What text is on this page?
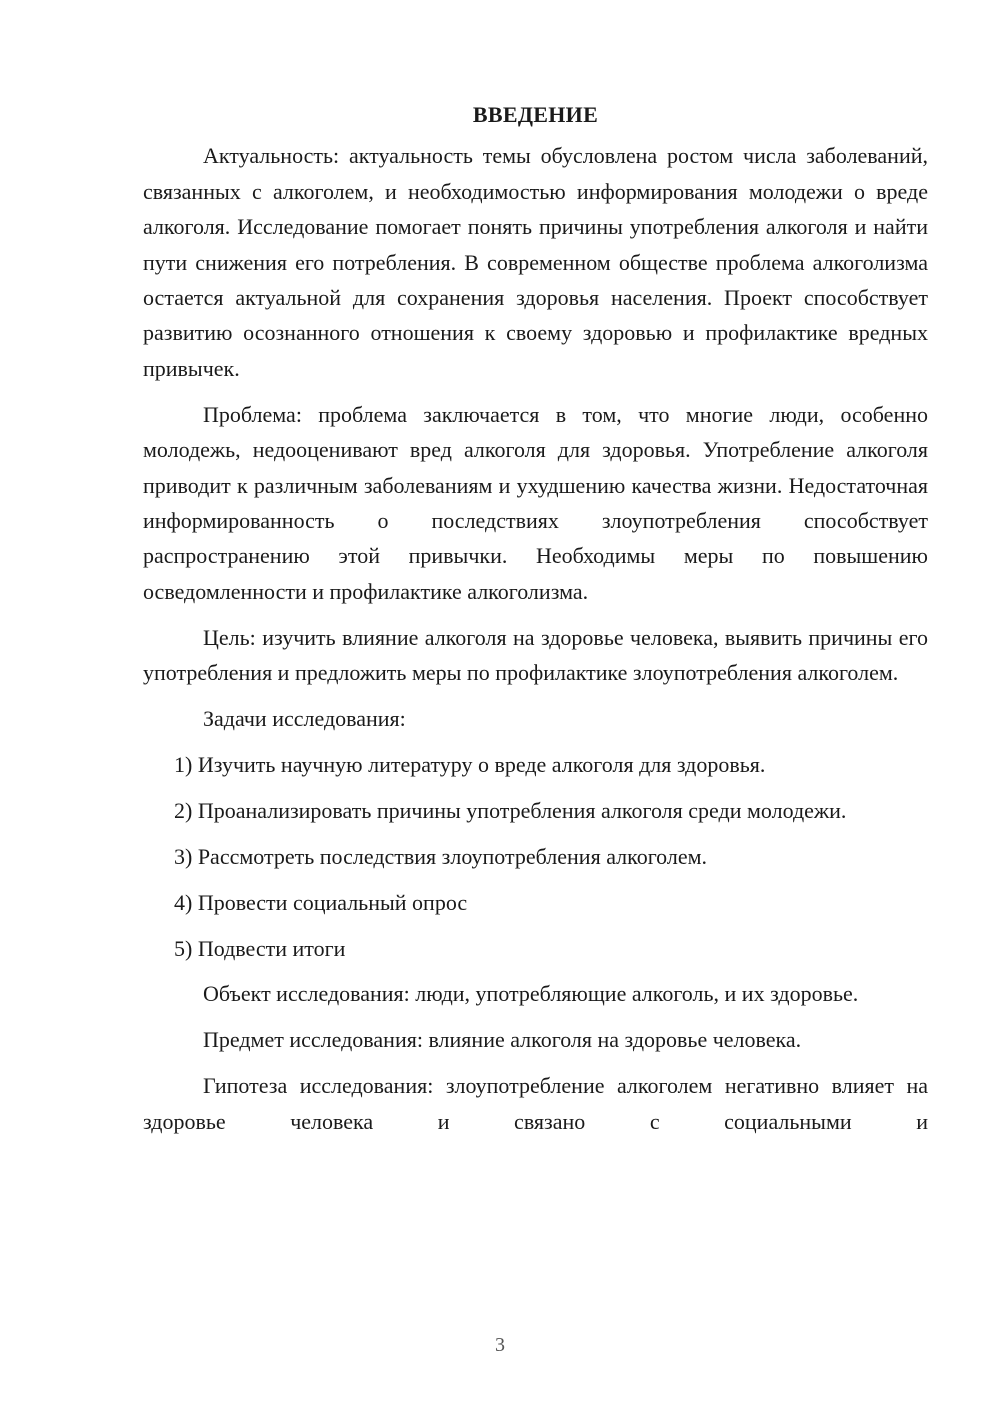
ВВЕДЕНИЕ

Актуальность: актуальность темы обусловлена ростом числа заболеваний, связанных с алкоголем, и необходимостью информирования молодежи о вреде алкоголя. Исследование помогает понять причины употребления алкоголя и найти пути снижения его потребления. В современном обществе проблема алкоголизма остается актуальной для сохранения здоровья населения. Проект способствует развитию осознанного отношения к своему здоровью и профилактике вредных привычек.

Проблема: проблема заключается в том, что многие люди, особенно молодежь, недооценивают вред алкоголя для здоровья. Употребление алкоголя приводит к различным заболеваниям и ухудшению качества жизни. Недостаточная информированность о последствиях злоупотребления способствует распространению этой привычки. Необходимы меры по повышению осведомленности и профилактике алкоголизма.

Цель: изучить влияние алкоголя на здоровье человека, выявить причины его употребления и предложить меры по профилактике злоупотребления алкоголем.

Задачи исследования:

1) Изучить научную литературу о вреде алкоголя для здоровья.

2) Проанализировать причины употребления алкоголя среди молодежи.

3) Рассмотреть последствия злоупотребления алкоголем.

4) Провести социальный опрос

5) Подвести итоги

Объект исследования: люди, употребляющие алкоголь, и их здоровье.

Предмет исследования: влияние алкоголя на здоровье человека.

Гипотеза исследования: злоупотребление алкоголем негативно влияет на здоровье человека и связано с социальными и

3
